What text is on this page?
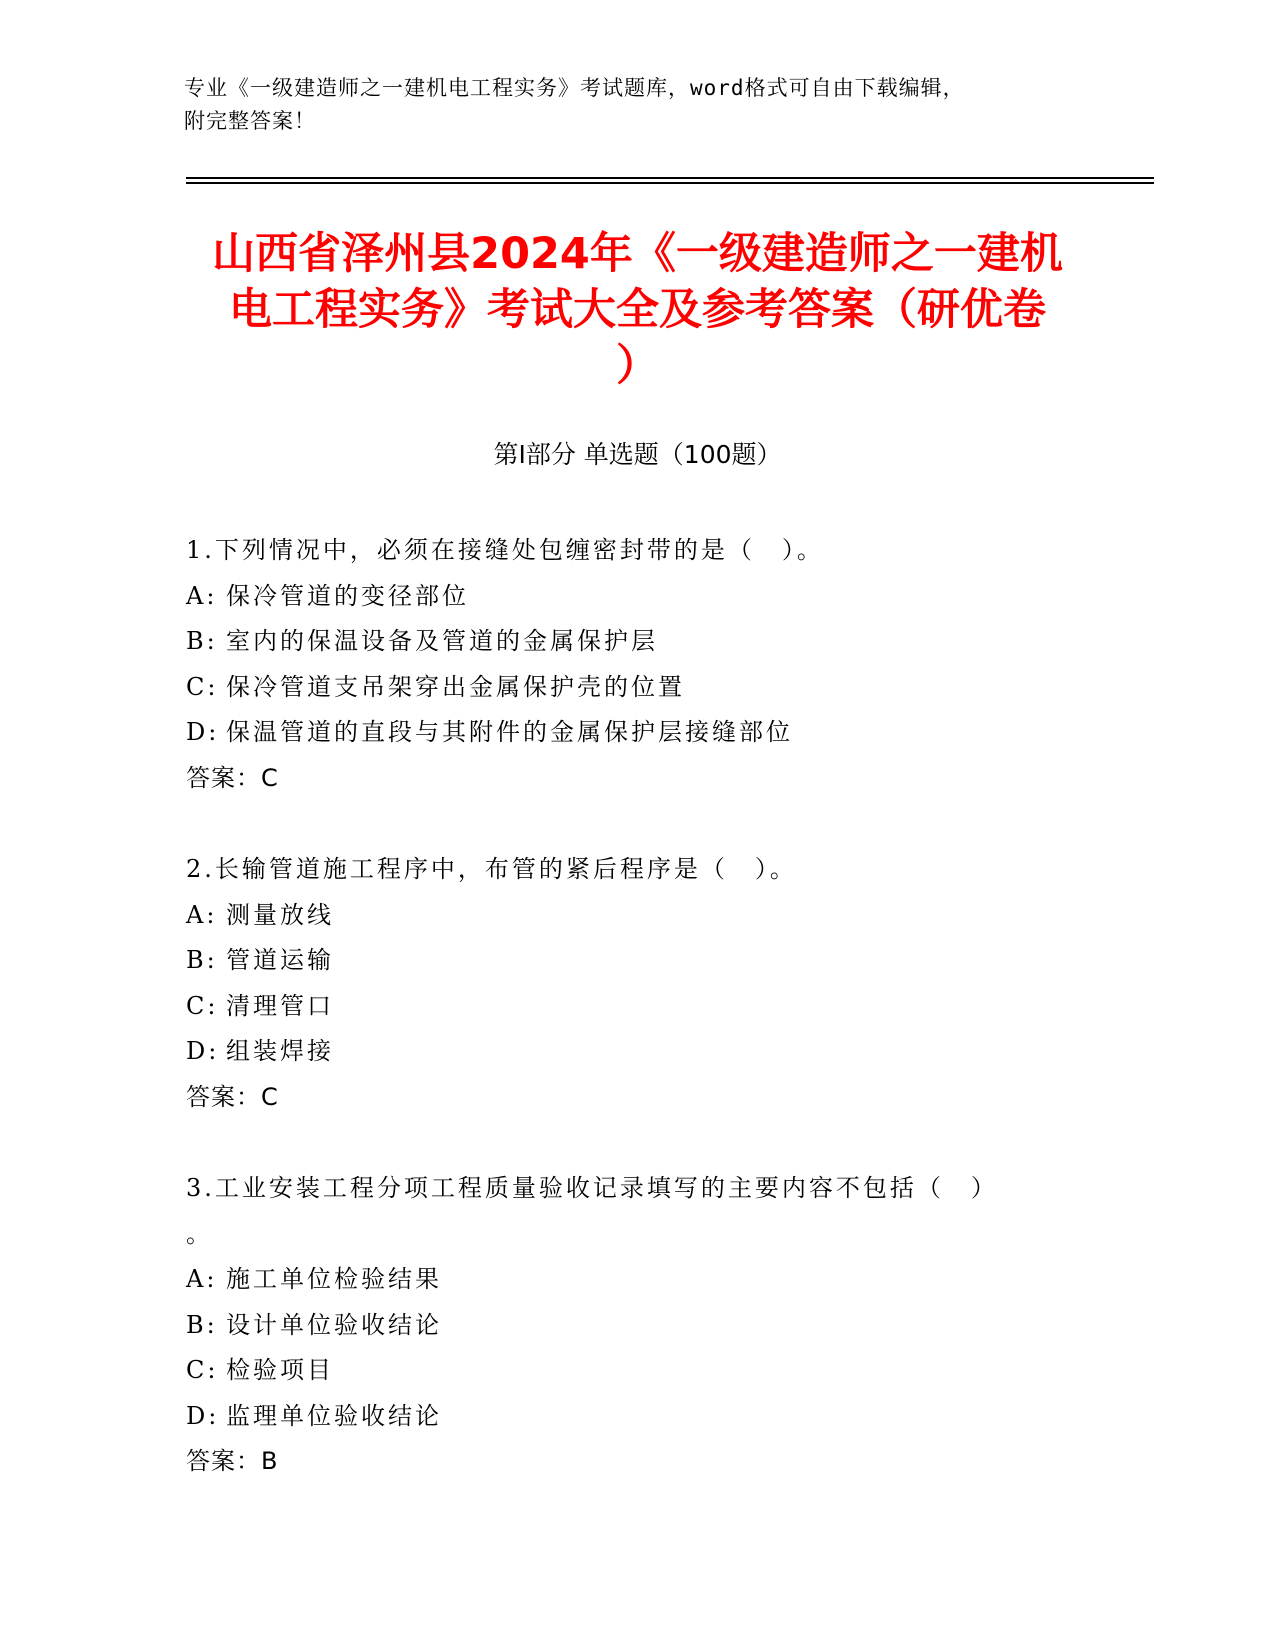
专业《一级建造师之一建机电工程实务》考试题库，word格式可自由下载编辑，
附完整答案！
山西省泽州县2024年《一级建造师之一建机
电工程实务》考试大全及参考答案（研优卷
）
第Ⅰ部分 单选题（100题）
1.下列情况中，必须在接缝处包缠密封带的是（　）。
A: 保冷管道的变径部位
B: 室内的保温设备及管道的金属保护层
C: 保冷管道支吊架穿出金属保护壳的位置
D: 保温管道的直段与其附件的金属保护层接缝部位
答案：C
2.长输管道施工程序中，布管的紧后程序是（　）。
A: 测量放线
B: 管道运输
C: 清理管口
D: 组装焊接
答案：C
3.工业安装工程分项工程质量验收记录填写的主要内容不包括（　）
。
A: 施工单位检验结果
B: 设计单位验收结论
C: 检验项目
D: 监理单位验收结论
答案：B
